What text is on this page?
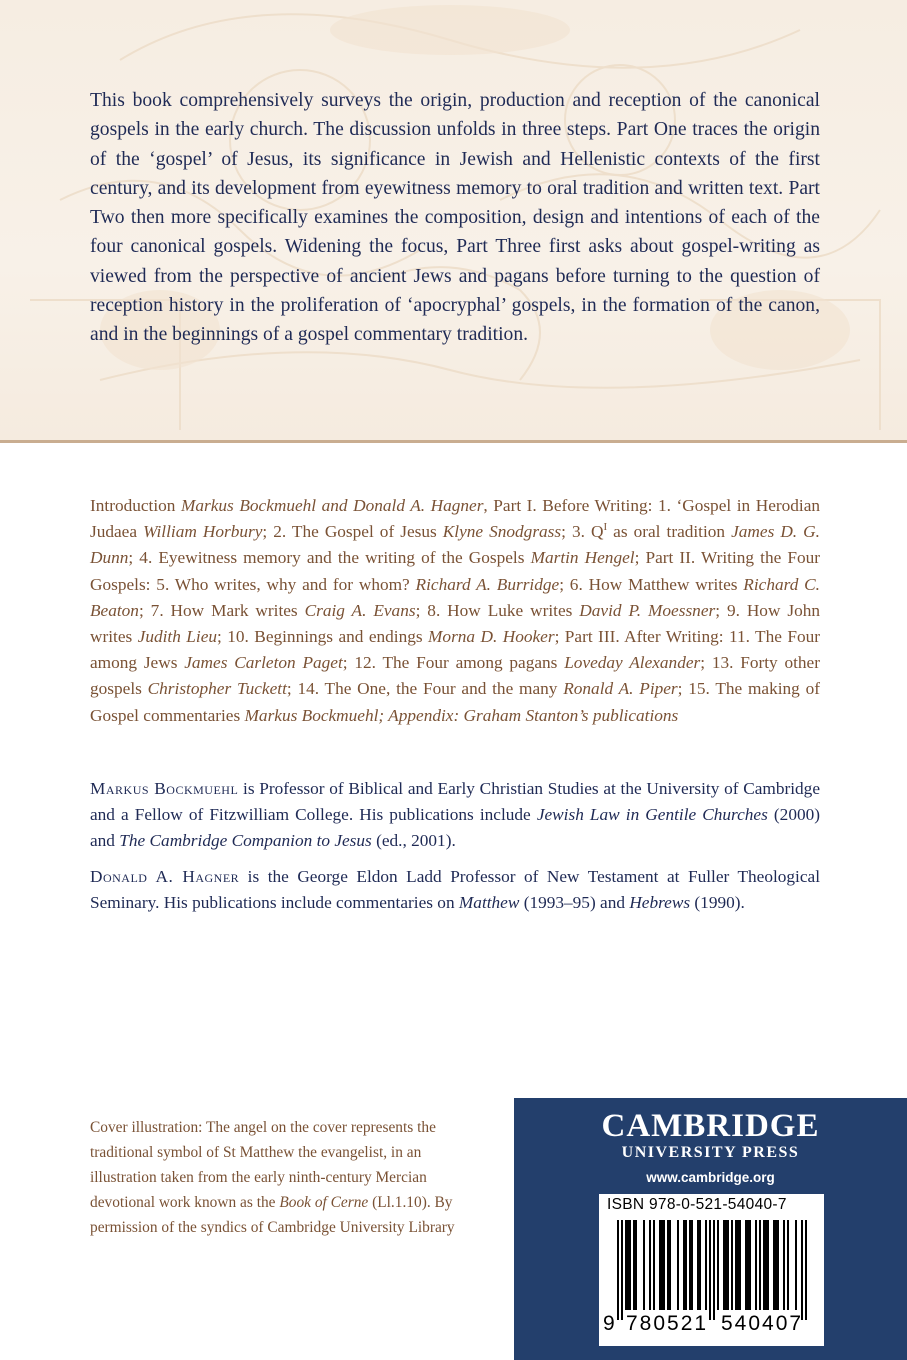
This book comprehensively surveys the origin, production and reception of the canonical gospels in the early church. The discussion unfolds in three steps. Part One traces the origin of the ‘gospel’ of Jesus, its significance in Jewish and Hellenistic contexts of the first century, and its development from eyewitness memory to oral tradition and written text. Part Two then more specifically examines the composition, design and intentions of each of the four canonical gospels. Widening the focus, Part Three first asks about gospel-writing as viewed from the perspective of ancient Jews and pagans before turning to the question of reception history in the proliferation of ‘apocryphal’ gospels, in the formation of the canon, and in the beginnings of a gospel commentary tradition.

Introduction Markus Bockmuehl and Donald A. Hagner, Part I. Before Writing: 1. ‘Gospel in Herodian Judaea William Horbury; 2. The Gospel of Jesus Klyne Snodgrass; 3. $Q^I$ as oral tradition James D. G. Dunn; 4. Eyewitness memory and the writing of the Gospels Martin Hengel; Part II. Writing the Four Gospels: 5. Who writes, why and for whom? Richard A. Burridge; 6. How Matthew writes Richard C. Beaton; 7. How Mark writes Craig A. Evans; 8. How Luke writes David P. Moessner; 9. How John writes Judith Lieu; 10. Beginnings and endings Morna D. Hooker; Part III. After Writing: 11. The Four among Jews James Carleton Paget; 12. The Four among pagans Loveday Alexander; 13. Forty other gospels Christopher Tuckett; 14. The One, the Four and the many Ronald A. Piper; 15. The making of Gospel commentaries Markus Bockmuehl; Appendix: Graham Stanton’s publications

Markus Bockmuehl is Professor of Biblical and Early Christian Studies at the University of Cambridge and a Fellow of Fitzwilliam College. His publications include Jewish Law in Gentile Churches (2000) and The Cambridge Companion to Jesus (ed., 2001).

Donald A. Hagner is the George Eldon Ladd Professor of New Testament at Fuller Theological Seminary. His publications include commentaries on Matthew (1993–95) and Hebrews (1990).

Cover illustration: The angel on the cover represents the traditional symbol of St Matthew the evangelist, in an illustration taken from the early ninth-century Mercian devotional work known as the Book of Cerne (Ll.1.10). By permission of the syndics of Cambridge University Library

CAMBRIDGE
UNIVERSITY PRESS
www.cambridge.org
ISBN 978-0-521-54040-7
9 780521 540407
